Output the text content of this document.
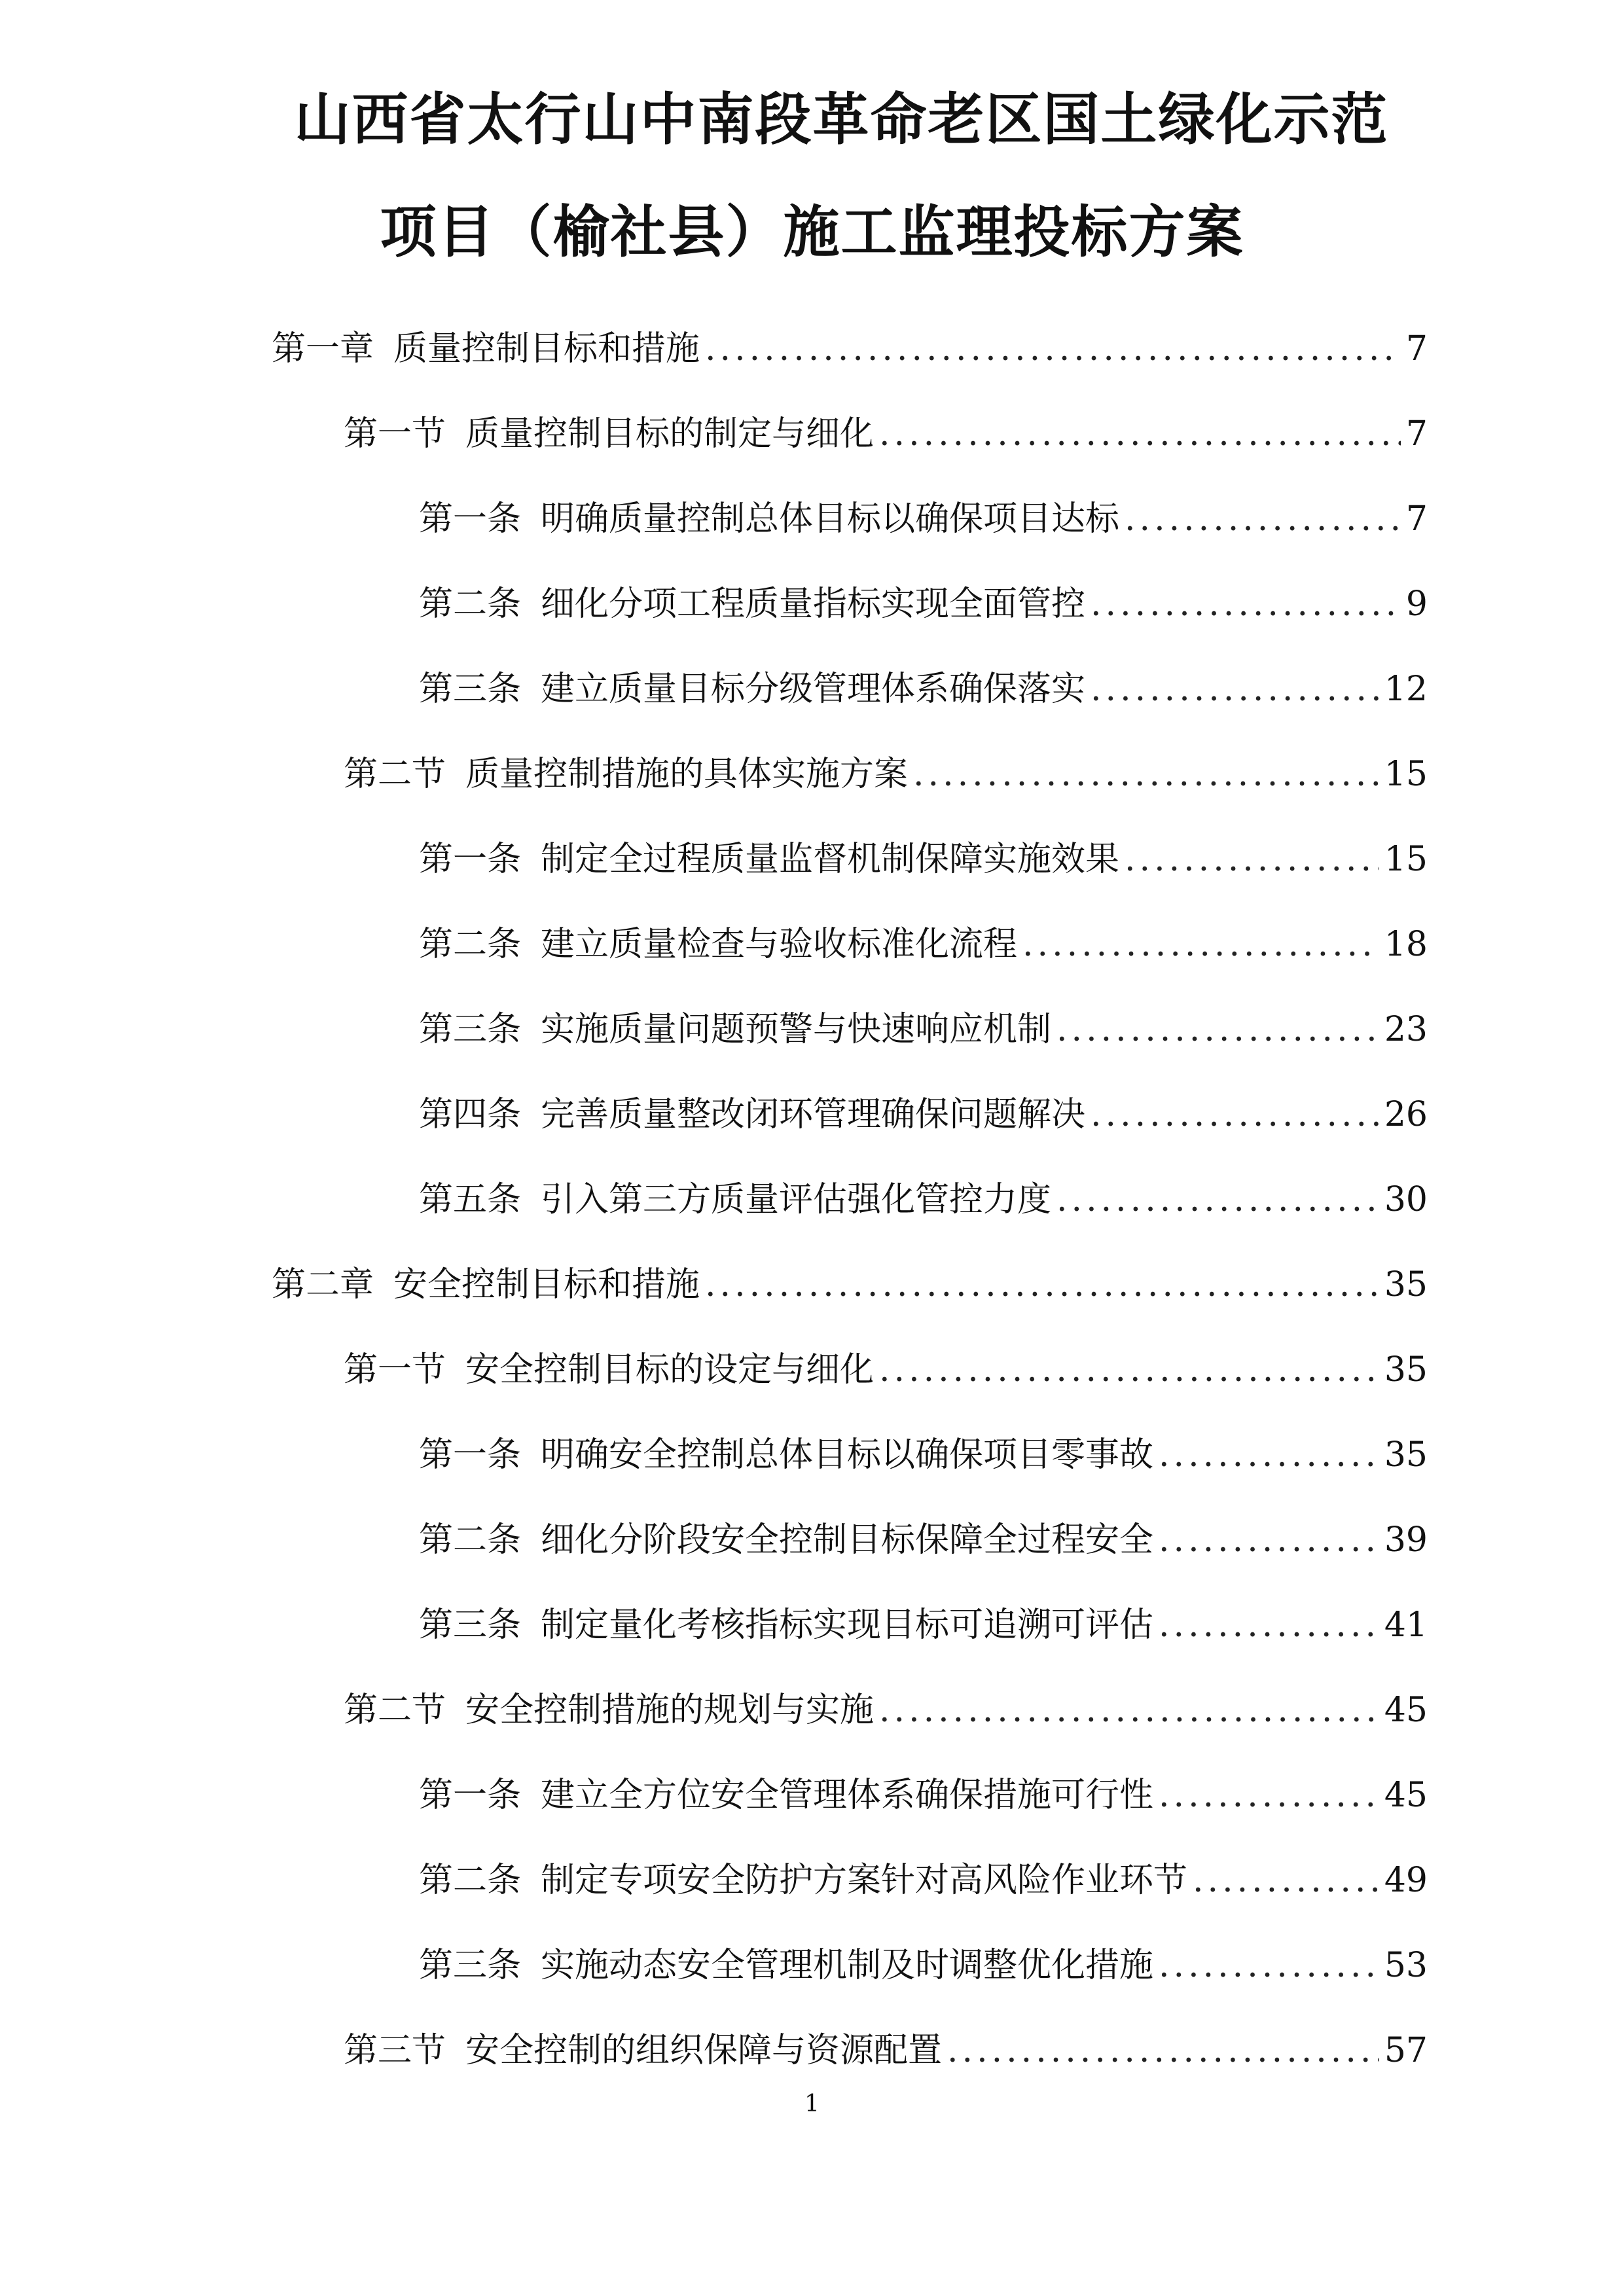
山西省太行山中南段革命老区国土绿化示范
项目（榆社县）施工监理投标方案
第一章 质量控制目标和措施 .....	7
第一节 质量控制目标的制定与细化 .....	7
第一条 明确质量控制总体目标以确保项目达标 .....	7
第二条 细化分项工程质量指标实现全面管控 .....	9
第三条 建立质量目标分级管理体系确保落实 .....	12
第二节 质量控制措施的具体实施方案 .....	15
第一条 制定全过程质量监督机制保障实施效果 .....	15
第二条 建立质量检查与验收标准化流程 .....	18
第三条 实施质量问题预警与快速响应机制 .....	23
第四条 完善质量整改闭环管理确保问题解决 .....	26
第五条 引入第三方质量评估强化管控力度 .....	30
第二章 安全控制目标和措施 .....	35
第一节 安全控制目标的设定与细化 .....	35
第一条 明确安全控制总体目标以确保项目零事故 .....	35
第二条 细化分阶段安全控制目标保障全过程安全 .....	39
第三条 制定量化考核指标实现目标可追溯可评估 .....	41
第二节 安全控制措施的规划与实施 .....	45
第一条 建立全方位安全管理体系确保措施可行性 .....	45
第二条 制定专项安全防护方案针对高风险作业环节 .....	49
第三条 实施动态安全管理机制及时调整优化措施 .....	53
第三节 安全控制的组织保障与资源配置 .....	57
1
